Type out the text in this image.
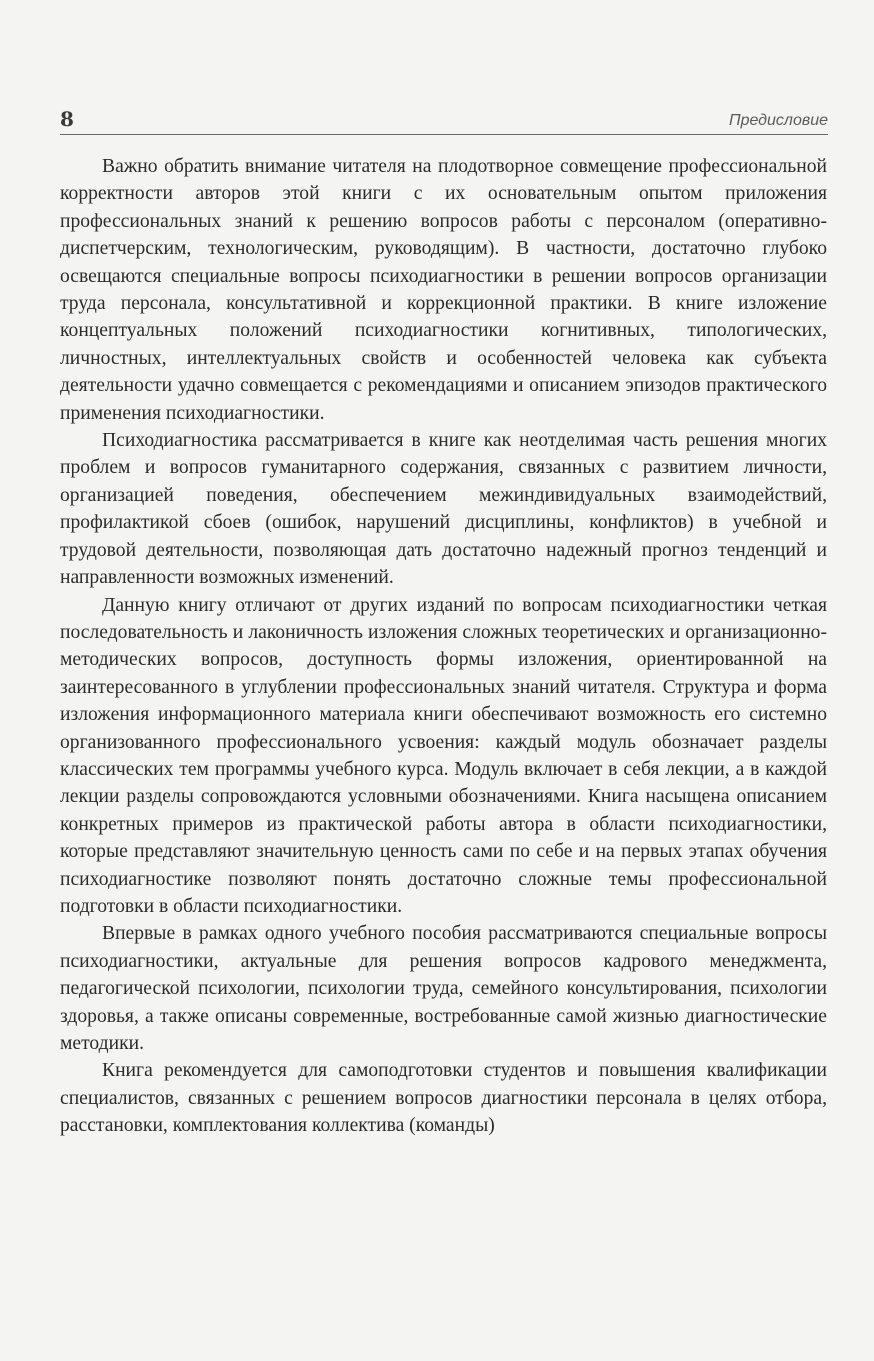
8	Предисловие

Важно обратить внимание читателя на плодотворное совмещение профессиональной корректности авторов этой книги с их основательным опытом приложения профессиональных знаний к решению вопросов работы с персоналом (оперативно-диспетчерским, технологическим, руководящим). В частности, достаточно глубоко освещаются специальные вопросы психодиагностики в решении вопросов организации труда персонала, консультативной и коррекционной практики. В книге изложение концептуальных положений психодиагностики когнитивных, типологических, личностных, интеллектуальных свойств и особенностей человека как субъекта деятельности удачно совмещается с рекомендациями и описанием эпизодов практического применения психодиагностики.

Психодиагностика рассматривается в книге как неотделимая часть решения многих проблем и вопросов гуманитарного содержания, связанных с развитием личности, организацией поведения, обеспечением межиндивидуальных взаимодействий, профилактикой сбоев (ошибок, нарушений дисциплины, конфликтов) в учебной и трудовой деятельности, позволяющая дать достаточно надежный прогноз тенденций и направленности возможных изменений.

Данную книгу отличают от других изданий по вопросам психодиагностики четкая последовательность и лаконичность изложения сложных теоретических и организационно-методических вопросов, доступность формы изложения, ориентированной на заинтересованного в углублении профессиональных знаний читателя. Структура и форма изложения информационного материала книги обеспечивают возможность его системно организованного профессионального усвоения: каждый модуль обозначает разделы классических тем программы учебного курса. Модуль включает в себя лекции, а в каждой лекции разделы сопровождаются условными обозначениями. Книга насыщена описанием конкретных примеров из практической работы автора в области психодиагностики, которые представляют значительную ценность сами по себе и на первых этапах обучения психодиагностике позволяют понять достаточно сложные темы профессиональной подготовки в области психодиагностики.

Впервые в рамках одного учебного пособия рассматриваются специальные вопросы психодиагностики, актуальные для решения вопросов кадрового менеджмента, педагогической психологии, психологии труда, семейного консультирования, психологии здоровья, а также описаны современные, востребованные самой жизнью диагностические методики.

Книга рекомендуется для самоподготовки студентов и повышения квалификации специалистов, связанных с решением вопросов диагностики персонала в целях отбора, расстановки, комплектования коллектива (команды)
